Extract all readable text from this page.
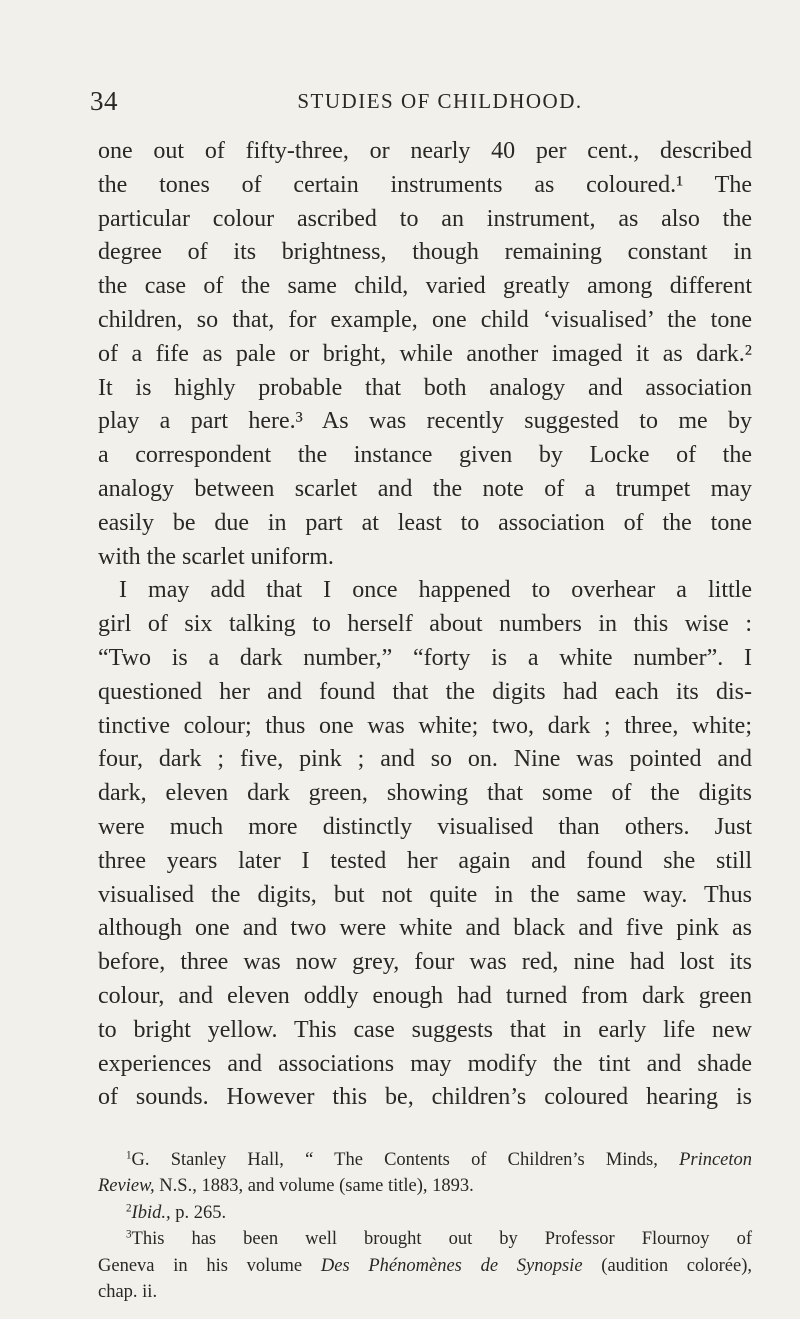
34	STUDIES OF CHILDHOOD.
one out of fifty-three, or nearly 40 per cent., described
the tones of certain instruments as coloured.¹ The
particular colour ascribed to an instrument, as also the
degree of its brightness, though remaining constant in
the case of the same child, varied greatly among different
children, so that, for example, one child ‘visualised’ the tone
of a fife as pale or bright, while another imaged it as dark.²
It is highly probable that both analogy and association
play a part here.³ As was recently suggested to me by
a correspondent the instance given by Locke of the
analogy between scarlet and the note of a trumpet may
easily be due in part at least to association of the tone
with the scarlet uniform.
I may add that I once happened to overhear a little
girl of six talking to herself about numbers in this wise :
“Two is a dark number,” “forty is a white number”. I
questioned her and found that the digits had each its dis-
tinctive colour; thus one was white; two, dark ; three, white;
four, dark ; five, pink ; and so on. Nine was pointed and
dark, eleven dark green, showing that some of the digits
were much more distinctly visualised than others. Just
three years later I tested her again and found she still
visualised the digits, but not quite in the same way. Thus
although one and two were white and black and five pink as
before, three was now grey, four was red, nine had lost its
colour, and eleven oddly enough had turned from dark green
to bright yellow. This case suggests that in early life new
experiences and associations may modify the tint and shade
of sounds. However this be, children’s coloured hearing is
$^1$G. Stanley Hall, “ The Contents of Children’s Minds, Princeton
Review, N.S., 1883, and volume (same title), 1893.
$^2$Ibid., p. 265.
$^3$This has been well brought out by Professor Flournoy of
Geneva in his volume Des Phénomènes de Synopsie (audition colorée),
chap. ii.
